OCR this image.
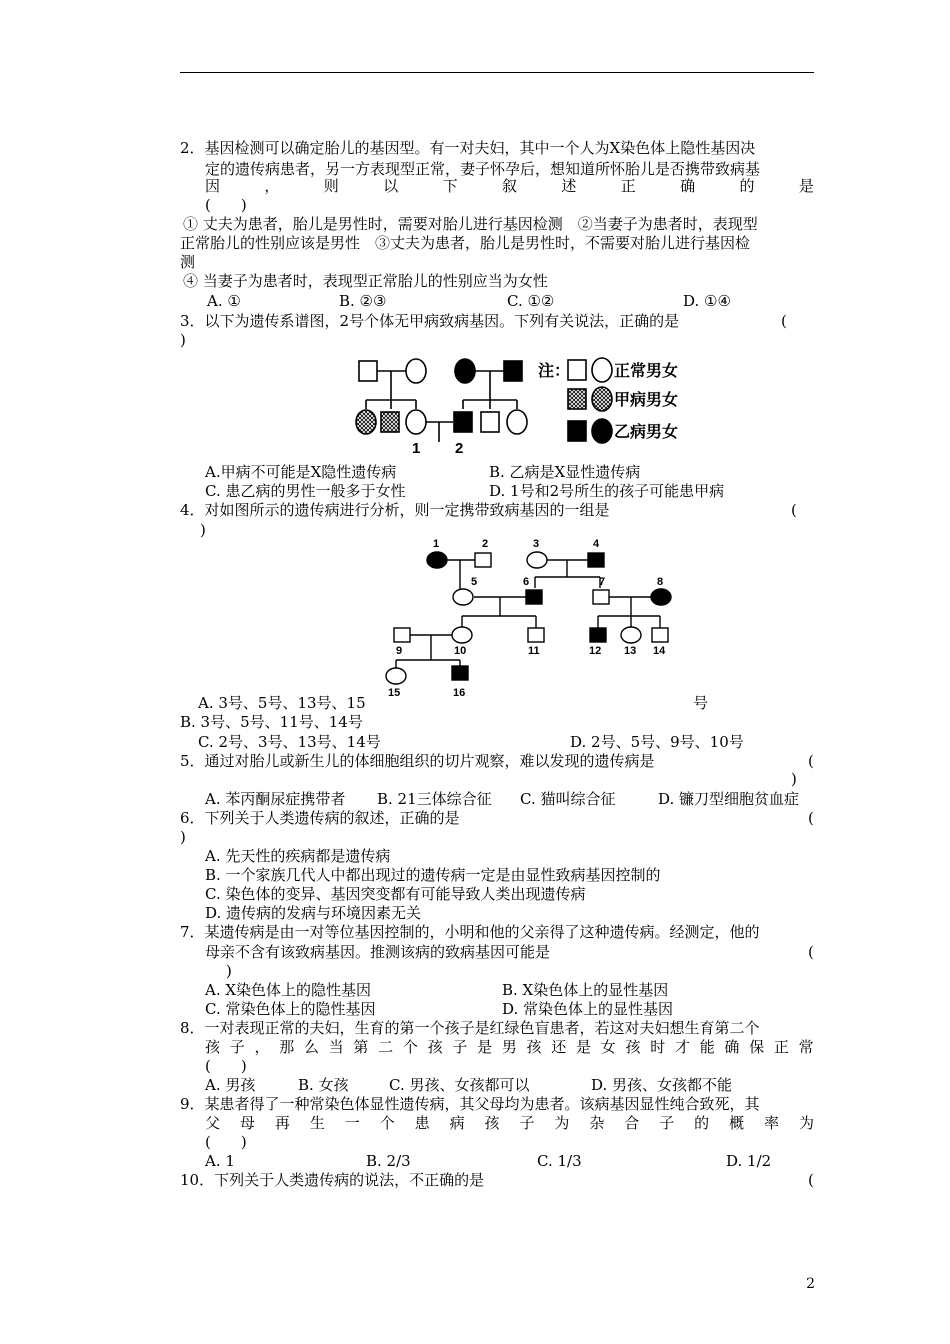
2．基因检测可以确定胎儿的基因型。有一对夫妇，其中一个人为X染色体上隐性基因决
定的遗传病患者，另一方表现型正常，妻子怀孕后，想知道所怀胎儿是否携带致病基
因	，	则	以	下	叙	述	正	确	的	是
(　　)
① 丈夫为患者，胎儿是男性时，需要对胎儿进行基因检测　②当妻子为患者时，表现型
正常胎儿的性别应该是男性　③丈夫为患者，胎儿是男性时，不需要对胎儿进行基因检
测
④ 当妻子为患者时，表现型正常胎儿的性别应当为女性
A. ①	B. ②③	C. ①②	D. ①④
3．以下为遗传系谱图，2号个体无甲病致病基因。下列有关说法，正确的是	(
)
1 2
注：	正常男女
甲病男女
乙病男女
A.甲病不可能是X隐性遗传病	B. 乙病是X显性遗传病
C. 患乙病的男性一般多于女性	D. 1号和2号所生的孩子可能患甲病
4．对如图所示的遗传病进行分析，则一定携带致病基因的一组是	(
)
1	2	3	4
5	6	7	8
9	10	11	12 13 14
15	16
A. 3号、5号、13号、15	号
B. 3号、5号、11号、14号
C. 2号、3号、13号、14号	D. 2号、5号、9号、10号
5．通过对胎儿或新生儿的体细胞组织的切片观察，难以发现的遗传病是	(
)
A. 苯丙酮尿症携带者 B. 21三体综合征 C. 猫叫综合征	D. 镰刀型细胞贫血症
6．下列关于人类遗传病的叙述，正确的是	(
)
A. 先天性的疾病都是遗传病
B. 一个家族几代人中都出现过的遗传病一定是由显性致病基因控制的
C. 染色体的变异、基因突变都有可能导致人类出现遗传病
D. 遗传病的发病与环境因素无关
7．某遗传病是由一对等位基因控制的，小明和他的父亲得了这种遗传病。经测定，他的
母亲不含有该致病基因。推测该病的致病基因可能是	(
)
A. X染色体上的隐性基因	B. X染色体上的显性基因
C. 常染色体上的隐性基因	D. 常染色体上的显性基因
8．一对表现正常的夫妇，生育的第一个孩子是红绿色盲患者，若这对夫妇想生育第二个
孩 子 ， 那 么 当 第 二 个 孩 子 是 男 孩 还 是 女 孩 时 才 能 确 保 正 常
(　　)
A. 男孩	B. 女孩	C. 男孩、女孩都可以	D. 男孩、女孩都不能
9．某患者得了一种常染色体显性遗传病，其父母均为患者。该病基因显性纯合致死，其
父 母 再 生 一 个 患 病 孩 子 为 杂 合 子 的 概 率 为
(　　)
A. 1	B. 2/3	C. 1/3	D. 1/2
10．下列关于人类遗传病的说法，不正确的是	(
2
